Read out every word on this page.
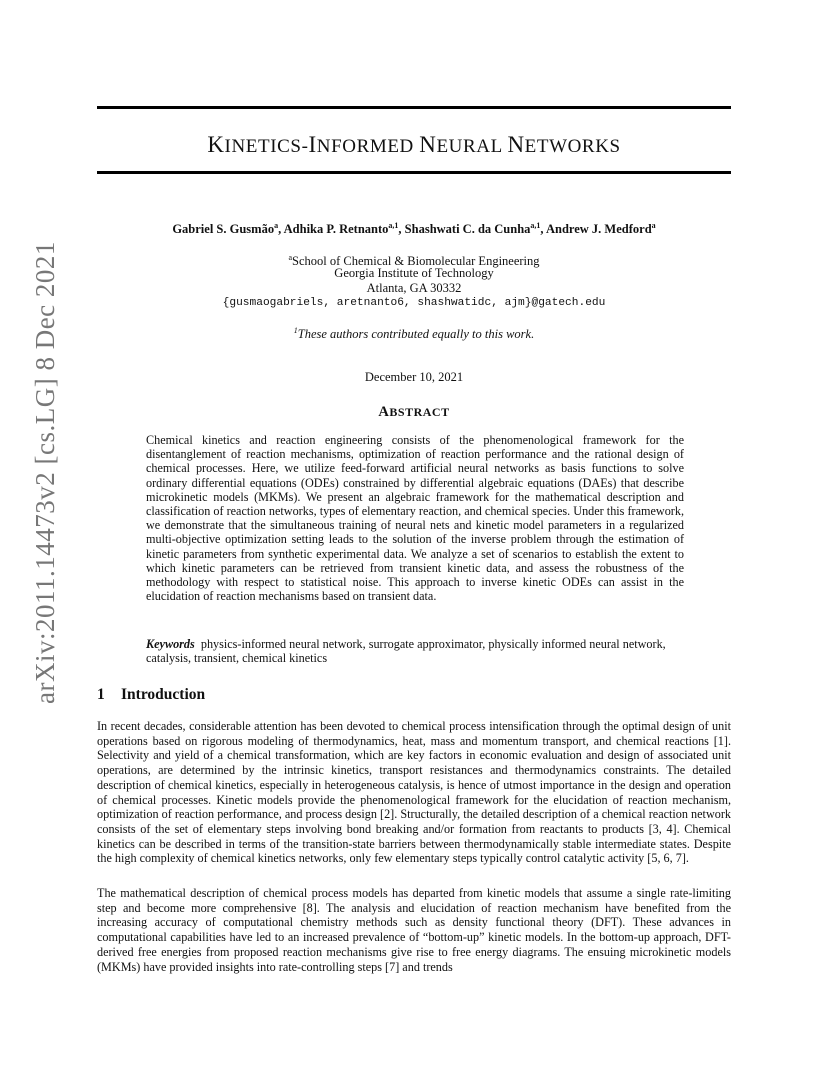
arXiv:2011.14473v2 [cs.LG] 8 Dec 2021
KINETICS-INFORMED NEURAL NETWORKS
Gabriel S. Gusmão$^a$, Adhika P. Retnanto$^{a,1}$, Shashwati C. da Cunha$^{a,1}$, Andrew J. Medford$^a$
$^a$School of Chemical & Biomolecular Engineering
Georgia Institute of Technology
Atlanta, GA 30332
{gusmaogabriels, aretnanto6, shashwatidc, ajm}@gatech.edu
$^1$These authors contributed equally to this work.
December 10, 2021
ABSTRACT
Chemical kinetics and reaction engineering consists of the phenomenological framework for the disentanglement of reaction mechanisms, optimization of reaction performance and the rational design of chemical processes. Here, we utilize feed-forward artificial neural networks as basis functions to solve ordinary differential equations (ODEs) constrained by differential algebraic equations (DAEs) that describe microkinetic models (MKMs). We present an algebraic framework for the mathematical description and classification of reaction networks, types of elementary reaction, and chemical species. Under this framework, we demonstrate that the simultaneous training of neural nets and kinetic model parameters in a regularized multi-objective optimization setting leads to the solution of the inverse problem through the estimation of kinetic parameters from synthetic experimental data. We analyze a set of scenarios to establish the extent to which kinetic parameters can be retrieved from transient kinetic data, and assess the robustness of the methodology with respect to statistical noise. This approach to inverse kinetic ODEs can assist in the elucidation of reaction mechanisms based on transient data.
Keywords physics-informed neural network, surrogate approximator, physically informed neural network, catalysis, transient, chemical kinetics
1 Introduction
In recent decades, considerable attention has been devoted to chemical process intensification through the optimal design of unit operations based on rigorous modeling of thermodynamics, heat, mass and momentum transport, and chemical reactions [1]. Selectivity and yield of a chemical transformation, which are key factors in economic evaluation and design of associated unit operations, are determined by the intrinsic kinetics, transport resistances and thermodynamics constraints. The detailed description of chemical kinetics, especially in heterogeneous catalysis, is hence of utmost importance in the design and operation of chemical processes. Kinetic models provide the phenomenological framework for the elucidation of reaction mechanism, optimization of reaction performance, and process design [2]. Structurally, the detailed description of a chemical reaction network consists of the set of elementary steps involving bond breaking and/or formation from reactants to products [3, 4]. Chemical kinetics can be described in terms of the transition-state barriers between thermodynamically stable intermediate states. Despite the high complexity of chemical kinetics networks, only few elementary steps typically control catalytic activity [5, 6, 7].
The mathematical description of chemical process models has departed from kinetic models that assume a single rate-limiting step and become more comprehensive [8]. The analysis and elucidation of reaction mechanism have benefited from the increasing accuracy of computational chemistry methods such as density functional theory (DFT). These advances in computational capabilities have led to an increased prevalence of “bottom-up” kinetic models. In the bottom-up approach, DFT-derived free energies from proposed reaction mechanisms give rise to free energy diagrams. The ensuing microkinetic models (MKMs) have provided insights into rate-controlling steps [7] and trends
